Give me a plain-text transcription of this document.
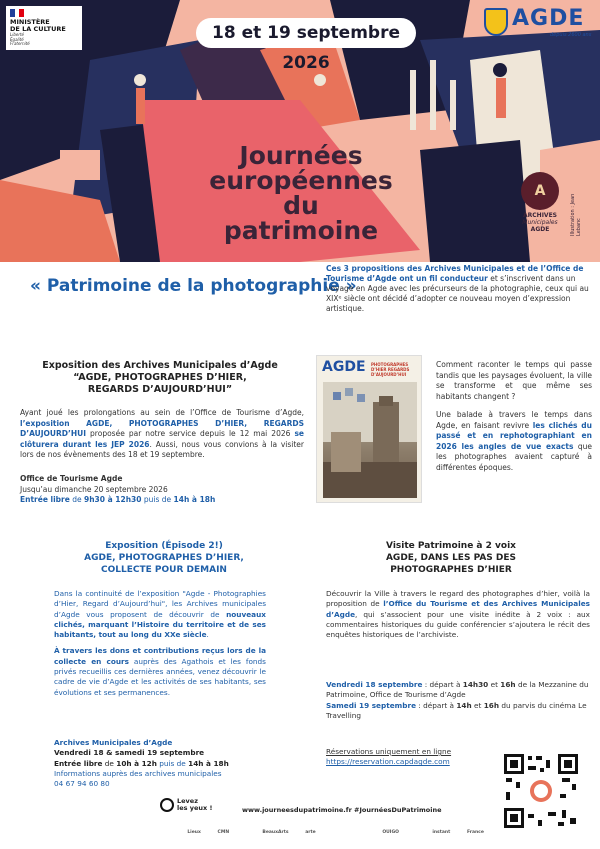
MINISTÈRE
DE LA CULTURE
Liberté
Égalité
Fraternité
18 et 19 septembre 2026
AGDE
depuis 2600 ans
Journées
européennes
du
patrimoine
A
ARCHIVES
Municipales
AGDE	Illustration : Jean Lebanc
« Patrimoine de la photographie »
Ces 3 propositions des Archives Municipales et de l’Office de Tourisme d’Agde ont un fil conducteur et s’inscrivent dans un voyage en Agde avec les précurseurs de la photographie, ceux qui au XIXᵉ siècle ont décidé d’adopter ce nouveau moyen d’expression artistique.
Exposition des Archives Municipales d’Agde
“AGDE, PHOTOGRAPHES D’HIER,
REGARDS D’AUJOURD’HUI”
Ayant joué les prolongations au sein de l’Office de Tourisme d’Agde, l’exposition AGDE, PHOTOGRAPHES D’HIER, REGARDS D’AUJOURD’HUI proposée par notre service depuis le 12 mai 2026 se clôturera durant les JEP 2026. Aussi, nous vous convions à la visiter lors de nos évènements des 18 et 19 septembre.
Office de Tourisme Agde
Jusqu’au dimanche 20 septembre 2026
Entrée libre de 9h30 à 12h30 puis de 14h à 18h
AGDE PHOTOGRAPHES D’HIER REGARDS D’AUJOURD’HUI

Comment raconter le temps qui passe tandis que les paysages évoluent, la ville se transforme et que même ses habitants changent ?

Une balade à travers le temps dans Agde, en faisant revivre les clichés du passé et en rephotographiant en 2026 les angles de vue exacts que les photographes avaient capturé à différentes époques.

Exposition (Épisode 2!)
AGDE, PHOTOGRAPHES D’HIER,
COLLECTE POUR DEMAIN

Dans la continuité de l’exposition "Agde - Photographies d’Hier, Regard d’Aujourd’hui", les Archives municipales d’Agde vous proposent de découvrir de nouveaux clichés, marquant l’Histoire du territoire et de ses habitants, tout au long du XXe siècle.

À travers les dons et contributions reçus lors de la collecte en cours auprès des Agathois et les fonds privés recueillis ces dernières années, venez découvrir le cadre de vie d’Agde et les activités de ses habitants, ses évolutions et ses permanences.

Archives Municipales d’Agde
Vendredi 18 & samedi 19 septembre
Entrée libre de 10h à 12h puis de 14h à 18h
Informations auprès des archives municipales
04 67 94 60 80
Visite Patrimoine à 2 voix
AGDE, DANS LES PAS DES
PHOTOGRAPHES D’HIER
Découvrir la Ville à travers le regard des photographes d’hier, voilà la proposition de l’Office du Tourisme et des Archives Municipales d’Agde, qui s’associent pour une visite inédite à 2 voix : aux commentaires historiques du guide conférencier s’ajoutera le récit des enquêtes historiques de l’archiviste.
Vendredi 18 septembre : départ à 14h30 et 16h de la Mezzanine du Patrimoine, Office de Tourisme d’Agde
Samedi 19 septembre : départ à 14h et 16h du parvis du cinéma Le Travelling
Réservations uniquement en ligne
https://reservation.capdagde.com
Levez
les yeux !	www.journeesdupatrimoine.fr #JournéesDuPatrimoine
Lieux	CMN	BeauxArts	arte	OUIGO	instant	France
